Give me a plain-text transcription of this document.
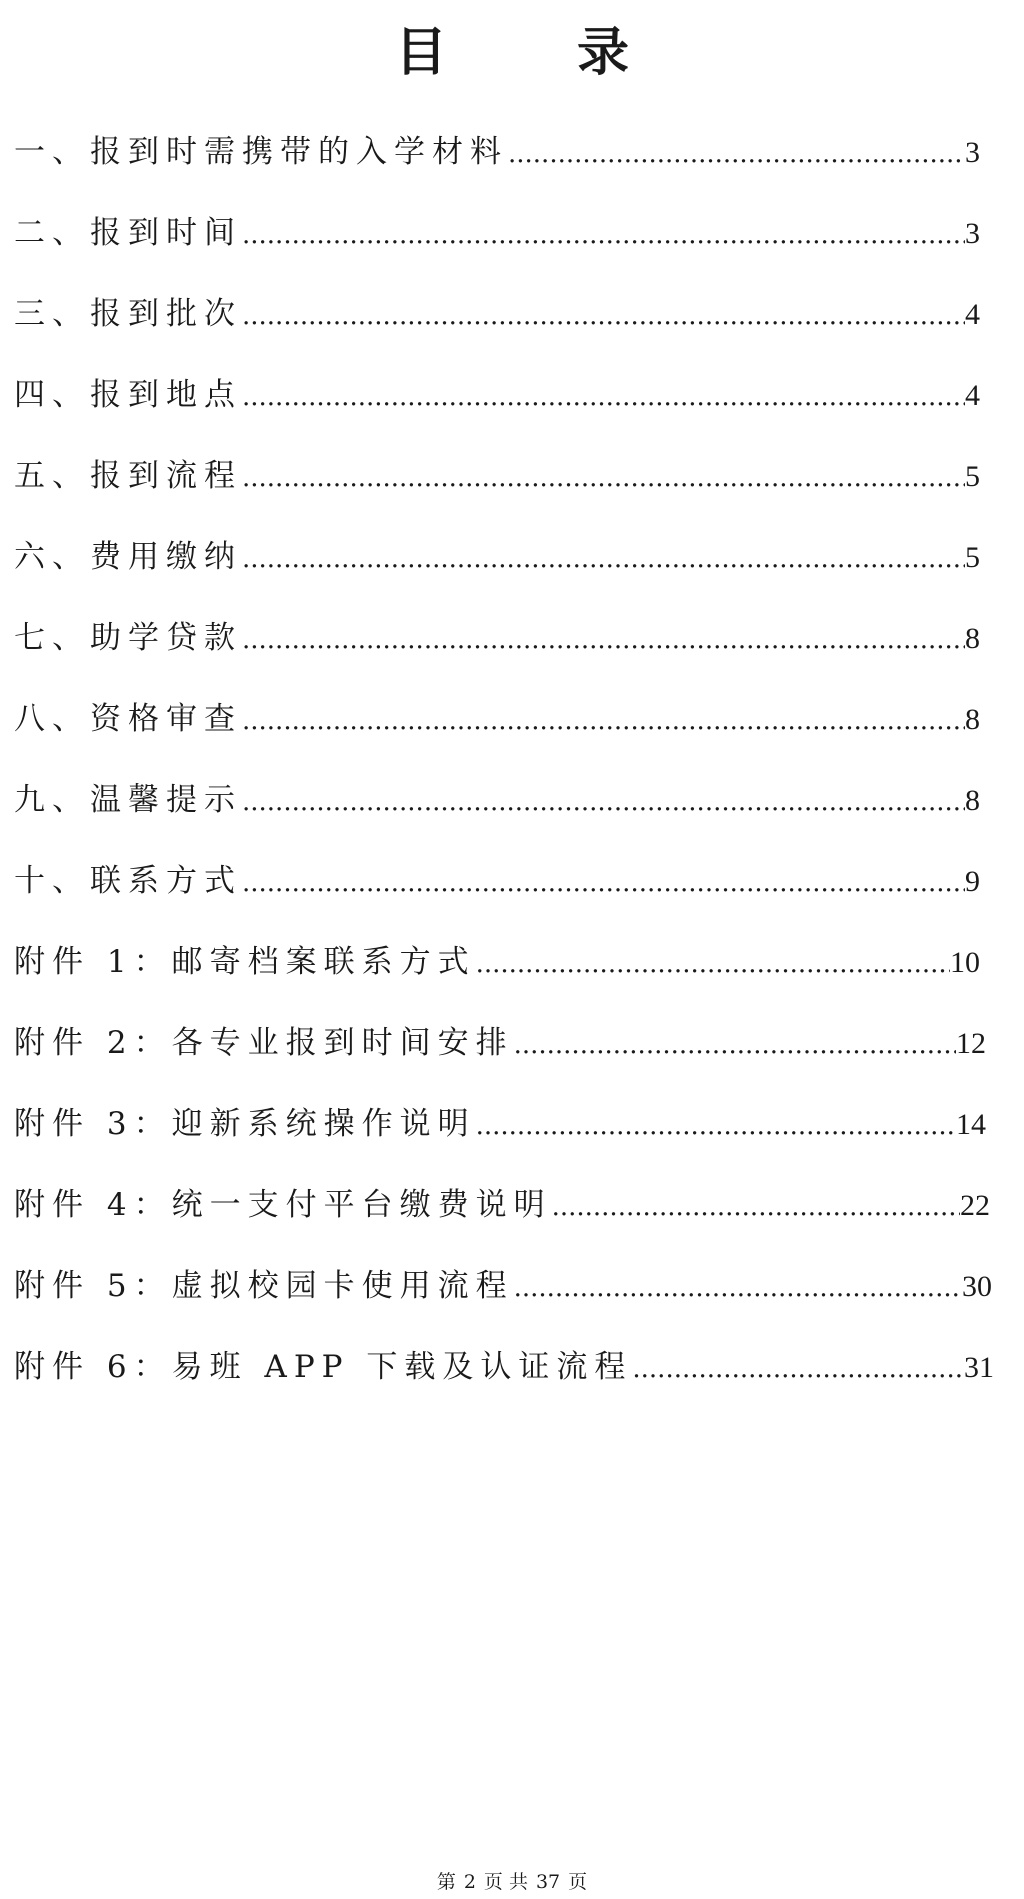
目 录
一、报到时需携带的入学材料 .....	3
二、报到时间 .....	3
三、报到批次 .....	4
四、报到地点 .....	4
五、报到流程 .....	5
六、费用缴纳 .....	5
七、助学贷款 .....	8
八、资格审查 .....	8
九、温馨提示 .....	8
十、联系方式 .....	9
附件 1：邮寄档案联系方式 .....	10
附件 2：各专业报到时间安排 .....	12
附件 3：迎新系统操作说明 .....	14
附件 4：统一支付平台缴费说明 .....	22
附件 5：虚拟校园卡使用流程 .....	30
附件 6：易班 APP 下载及认证流程 .....	31
第 2 页 共 37 页
